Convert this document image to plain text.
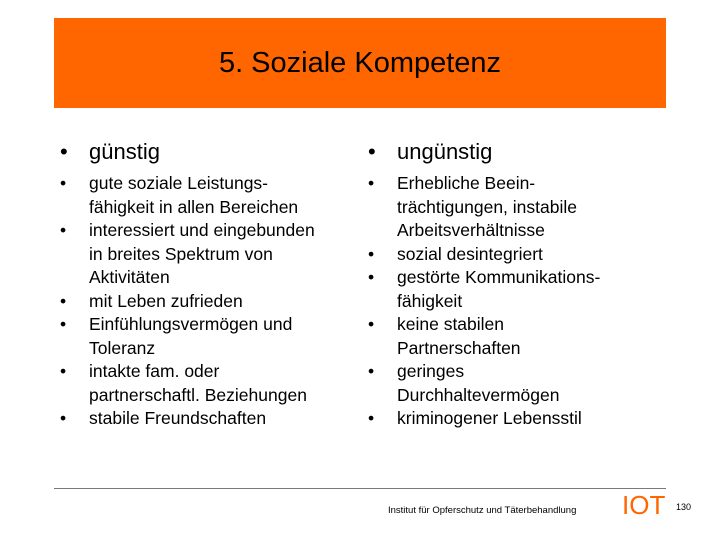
5. Soziale Kompetenz
• günstig
•	gute soziale Leistungs-
fähigkeit in allen Bereichen
•	interessiert und eingebunden
in breites Spektrum von
Aktivitäten
•	mit Leben zufrieden
•	Einfühlungsvermögen und
Toleranz
•	intakte fam. oder
partnerschaftl. Beziehungen
•	stabile Freundschaften
• ungünstig
•	Erhebliche Beein-
trächtigungen, instabile
Arbeitsverhältnisse
•	sozial desintegriert
•	gestörte Kommunikations-
fähigkeit
•	keine stabilen
Partnerschaften
•	geringes
Durchhaltevermögen
•	kriminogener Lebensstil
Institut für Opferschutz und Täterbehandlung IOT 130
